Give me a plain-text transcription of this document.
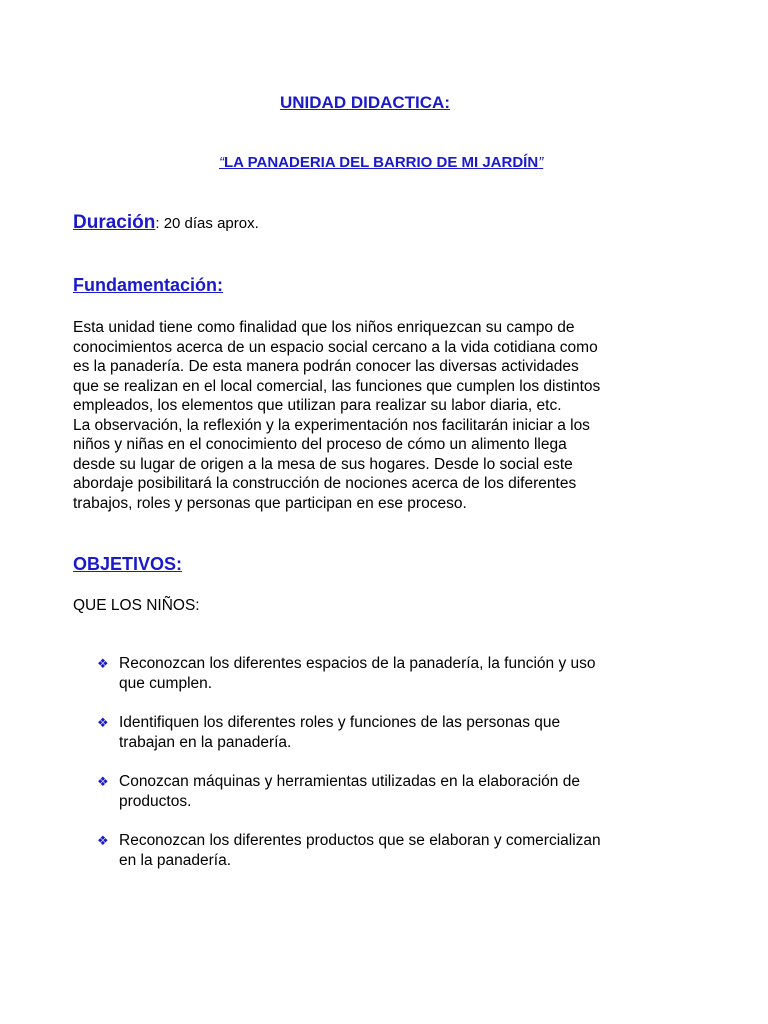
UNIDAD DIDACTICA:
“LA PANADERIA DEL BARRIO DE MI JARDÍN”
Duración: 20 días aprox.
Fundamentación:
Esta unidad tiene como finalidad que los niños enriquezcan su campo de
conocimientos acerca de un espacio social cercano a la vida cotidiana como
es la panadería. De esta manera podrán conocer las diversas actividades
que se realizan en el local comercial, las funciones que cumplen los distintos
empleados, los elementos que utilizan para realizar su labor diaria, etc.
La observación, la reflexión y la experimentación nos facilitarán iniciar a los
niños y niñas en el conocimiento del proceso de cómo un alimento llega
desde su lugar de origen a la mesa de sus hogares. Desde lo social este
abordaje posibilitará la construcción de nociones acerca de los diferentes
trabajos, roles y personas que participan en ese proceso.
OBJETIVOS:
QUE LOS NIÑOS:
❖ Reconozcan los diferentes espacios de la panadería, la función y uso
que cumplen.
❖ Identifiquen los diferentes roles y funciones de las personas que
trabajan en la panadería.
❖ Conozcan máquinas y herramientas utilizadas en la elaboración de
productos.
❖ Reconozcan los diferentes productos que se elaboran y comercializan
en la panadería.
